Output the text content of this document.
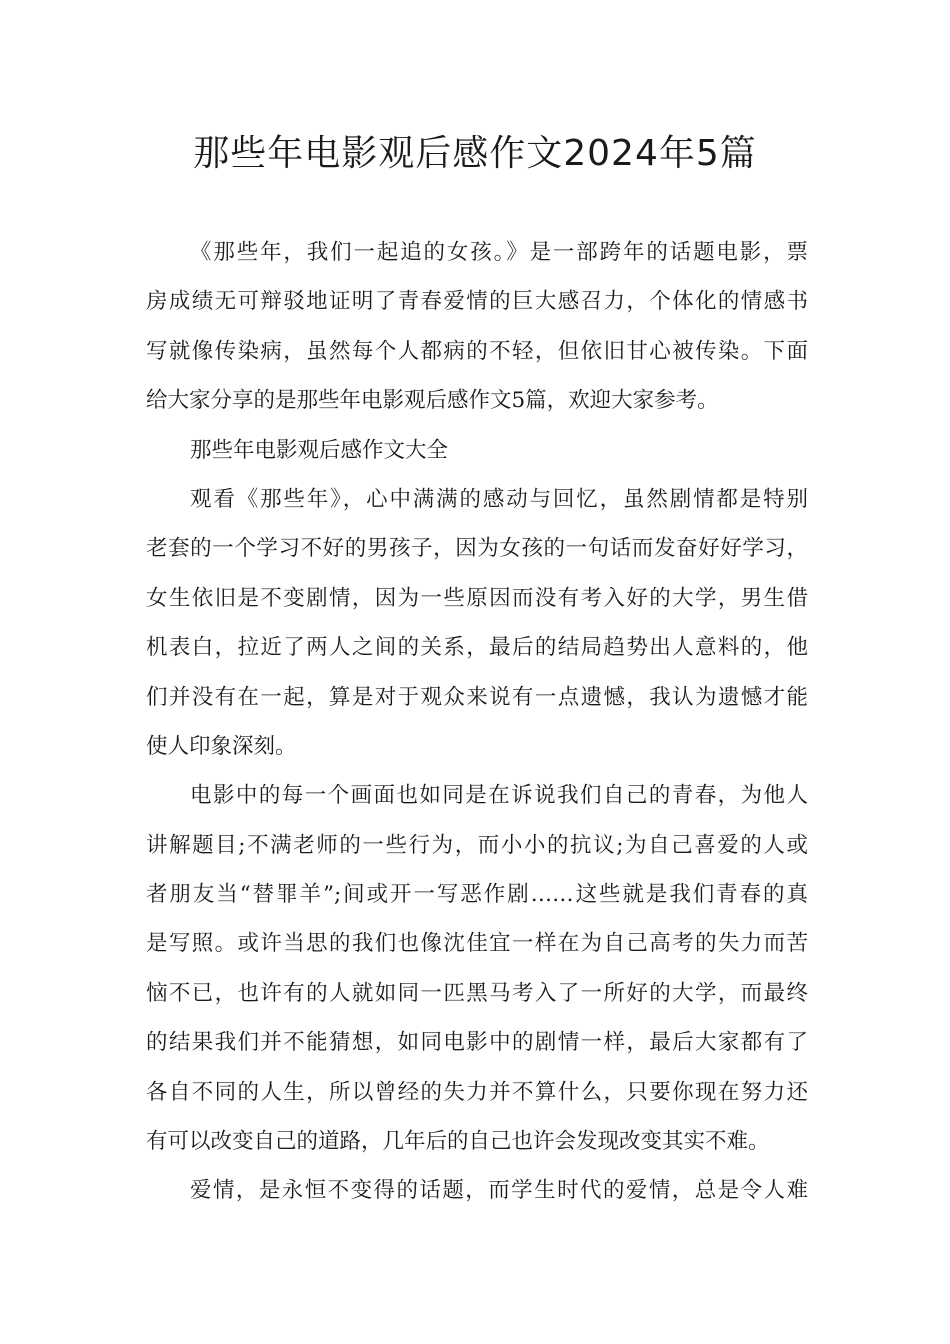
那些年电影观后感作文2024年5篇
《那些年，我们一起追的女孩。》是一部跨年的话题电影，票
房成绩无可辩驳地证明了青春爱情的巨大感召力，个体化的情感书
写就像传染病，虽然每个人都病的不轻，但依旧甘心被传染。下面
给大家分享的是那些年电影观后感作文5篇，欢迎大家参考。
那些年电影观后感作文大全
观看《那些年》，心中满满的感动与回忆，虽然剧情都是特别
老套的一个学习不好的男孩子，因为女孩的一句话而发奋好好学习，
女生依旧是不变剧情，因为一些原因而没有考入好的大学，男生借
机表白，拉近了两人之间的关系，最后的结局趋势出人意料的，他
们并没有在一起，算是对于观众来说有一点遗憾，我认为遗憾才能
使人印象深刻。
电影中的每一个画面也如同是在诉说我们自己的青春，为他人
讲解题目;不满老师的一些行为，而小小的抗议;为自己喜爱的人或
者朋友当“替罪羊”;间或开一写恶作剧……这些就是我们青春的真
是写照。或许当思的我们也像沈佳宜一样在为自己高考的失力而苦
恼不已，也许有的人就如同一匹黑马考入了一所好的大学，而最终
的结果我们并不能猜想，如同电影中的剧情一样，最后大家都有了
各自不同的人生，所以曾经的失力并不算什么，只要你现在努力还
有可以改变自己的道路，几年后的自己也许会发现改变其实不难。
爱情，是永恒不变得的话题，而学生时代的爱情，总是令人难
